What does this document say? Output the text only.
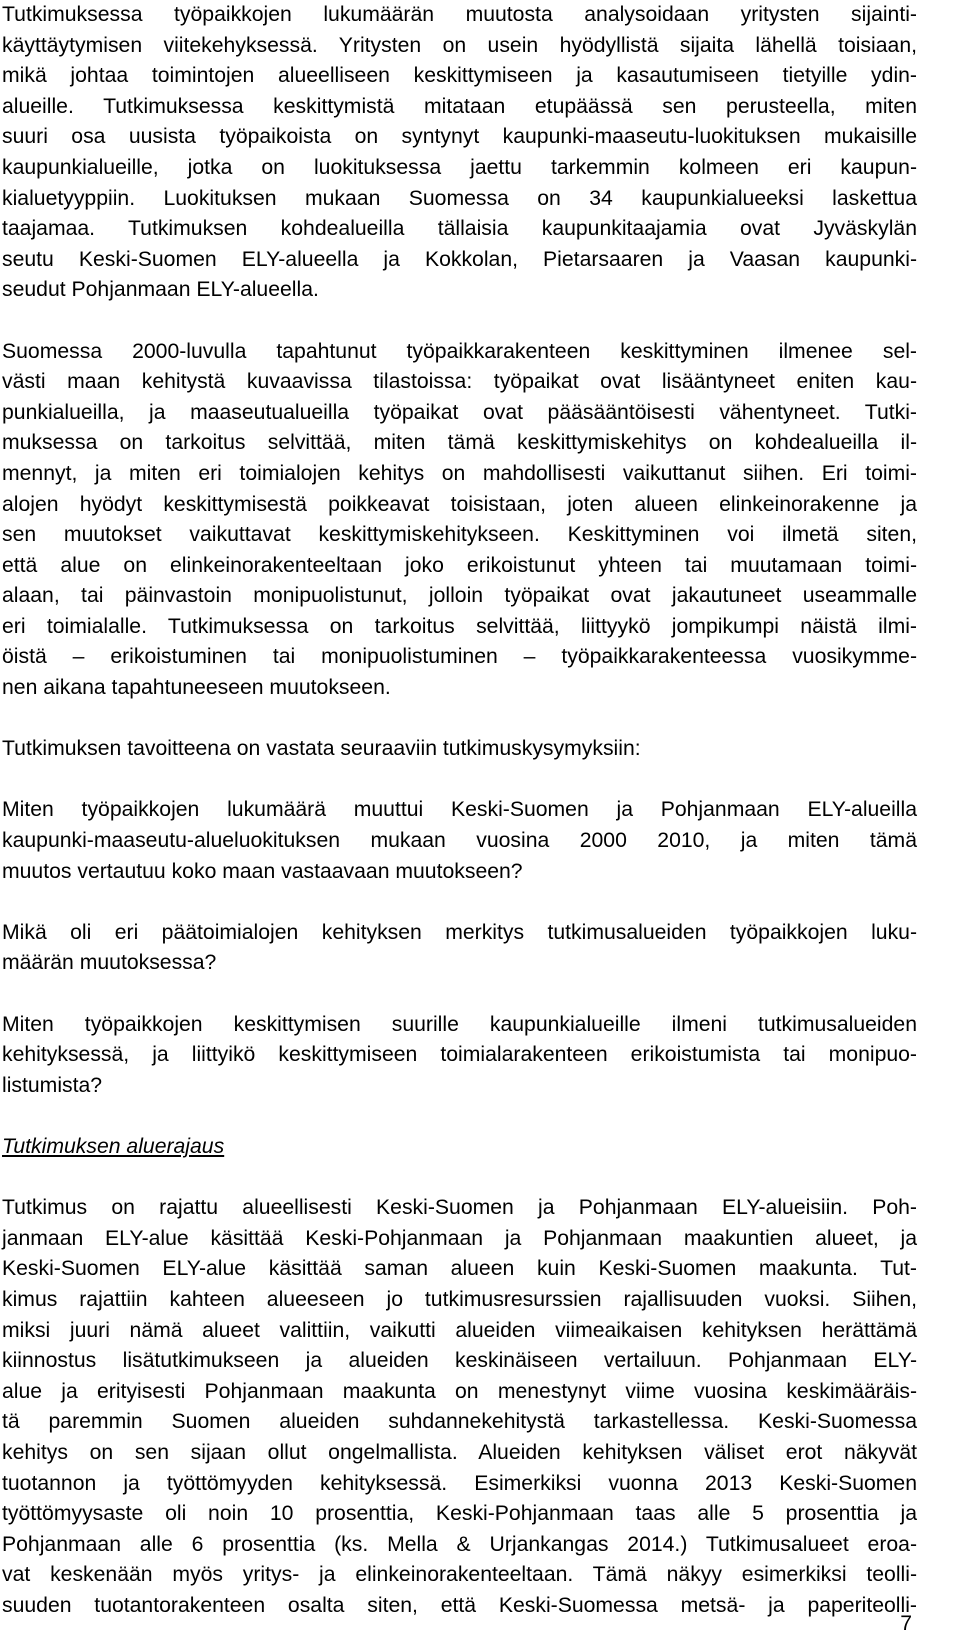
Tutkimuksessa työpaikkojen lukumäärän muutosta analysoidaan yritysten sijainti-
käyttäytymisen viitekehyksessä. Yritysten on usein hyödyllistä sijaita lähellä toisiaan,
mikä johtaa toimintojen alueelliseen keskittymiseen ja kasautumiseen tietyille ydin-
alueille. Tutkimuksessa keskittymistä mitataan etupäässä sen perusteella, miten
suuri osa uusista työpaikoista on syntynyt kaupunki-maaseutu-luokituksen mukaisille
kaupunkialueille, jotka on luokituksessa jaettu tarkemmin kolmeen eri kaupun-
kialuetyyppiin. Luokituksen mukaan Suomessa on 34 kaupunkialueeksi laskettua
taajamaa. Tutkimuksen kohdealueilla tällaisia kaupunkitaajamia ovat Jyväskylän
seutu Keski-Suomen ELY-alueella ja Kokkolan, Pietarsaaren ja Vaasan kaupunki-
seudut Pohjanmaan ELY-alueella.
Suomessa 2000-luvulla tapahtunut työpaikkarakenteen keskittyminen ilmenee sel-
västi maan kehitystä kuvaavissa tilastoissa: työpaikat ovat lisääntyneet eniten kau-
punkialueilla, ja maaseutualueilla työpaikat ovat pääsääntöisesti vähentyneet. Tutki-
muksessa on tarkoitus selvittää, miten tämä keskittymiskehitys on kohdealueilla il-
mennyt, ja miten eri toimialojen kehitys on mahdollisesti vaikuttanut siihen. Eri toimi-
alojen hyödyt keskittymisestä poikkeavat toisistaan, joten alueen elinkeinorakenne ja
sen muutokset vaikuttavat keskittymiskehitykseen. Keskittyminen voi ilmetä siten,
että alue on elinkeinorakenteeltaan joko erikoistunut yhteen tai muutamaan toimi-
alaan, tai päinvastoin monipuolistunut, jolloin työpaikat ovat jakautuneet useammalle
eri toimialalle. Tutkimuksessa on tarkoitus selvittää, liittyykö jompikumpi näistä ilmi-
öistä – erikoistuminen tai monipuolistuminen – työpaikkarakenteessa vuosikymme-
nen aikana tapahtuneeseen muutokseen.
Tutkimuksen tavoitteena on vastata seuraaviin tutkimuskysymyksiin:
Miten työpaikkojen lukumäärä muuttui Keski-Suomen ja Pohjanmaan ELY-alueilla
kaupunki-maaseutu-alueluokituksen mukaan vuosina 2000 2010, ja miten tämä
muutos vertautuu koko maan vastaavaan muutokseen?
Mikä oli eri päätoimialojen kehityksen merkitys tutkimusalueiden työpaikkojen luku-
määrän muutoksessa?
Miten työpaikkojen keskittymisen suurille kaupunkialueille ilmeni tutkimusalueiden
kehityksessä, ja liittyikö keskittymiseen toimialarakenteen erikoistumista tai monipuo-
listumista?
Tutkimuksen aluerajaus
Tutkimus on rajattu alueellisesti Keski-Suomen ja Pohjanmaan ELY-alueisiin. Poh-
janmaan ELY-alue käsittää Keski-Pohjanmaan ja Pohjanmaan maakuntien alueet, ja
Keski-Suomen ELY-alue käsittää saman alueen kuin Keski-Suomen maakunta. Tut-
kimus rajattiin kahteen alueeseen jo tutkimusresurssien rajallisuuden vuoksi. Siihen,
miksi juuri nämä alueet valittiin, vaikutti alueiden viimeaikaisen kehityksen herättämä
kiinnostus lisätutkimukseen ja alueiden keskinäiseen vertailuun. Pohjanmaan ELY-
alue ja erityisesti Pohjanmaan maakunta on menestynyt viime vuosina keskimääräis-
tä paremmin Suomen alueiden suhdannekehitystä tarkastellessa. Keski-Suomessa
kehitys on sen sijaan ollut ongelmallista. Alueiden kehityksen väliset erot näkyvät
tuotannon ja työttömyyden kehityksessä. Esimerkiksi vuonna 2013 Keski-Suomen
työttömyysaste oli noin 10 prosenttia, Keski-Pohjanmaan taas alle 5 prosenttia ja
Pohjanmaan alle 6 prosenttia (ks. Mella & Urjankangas 2014.) Tutkimusalueet eroa-
vat keskenään myös yritys- ja elinkeinorakenteeltaan. Tämä näkyy esimerkiksi teolli-
suuden tuotantorakenteen osalta siten, että Keski-Suomessa metsä- ja paperiteolli-
7
